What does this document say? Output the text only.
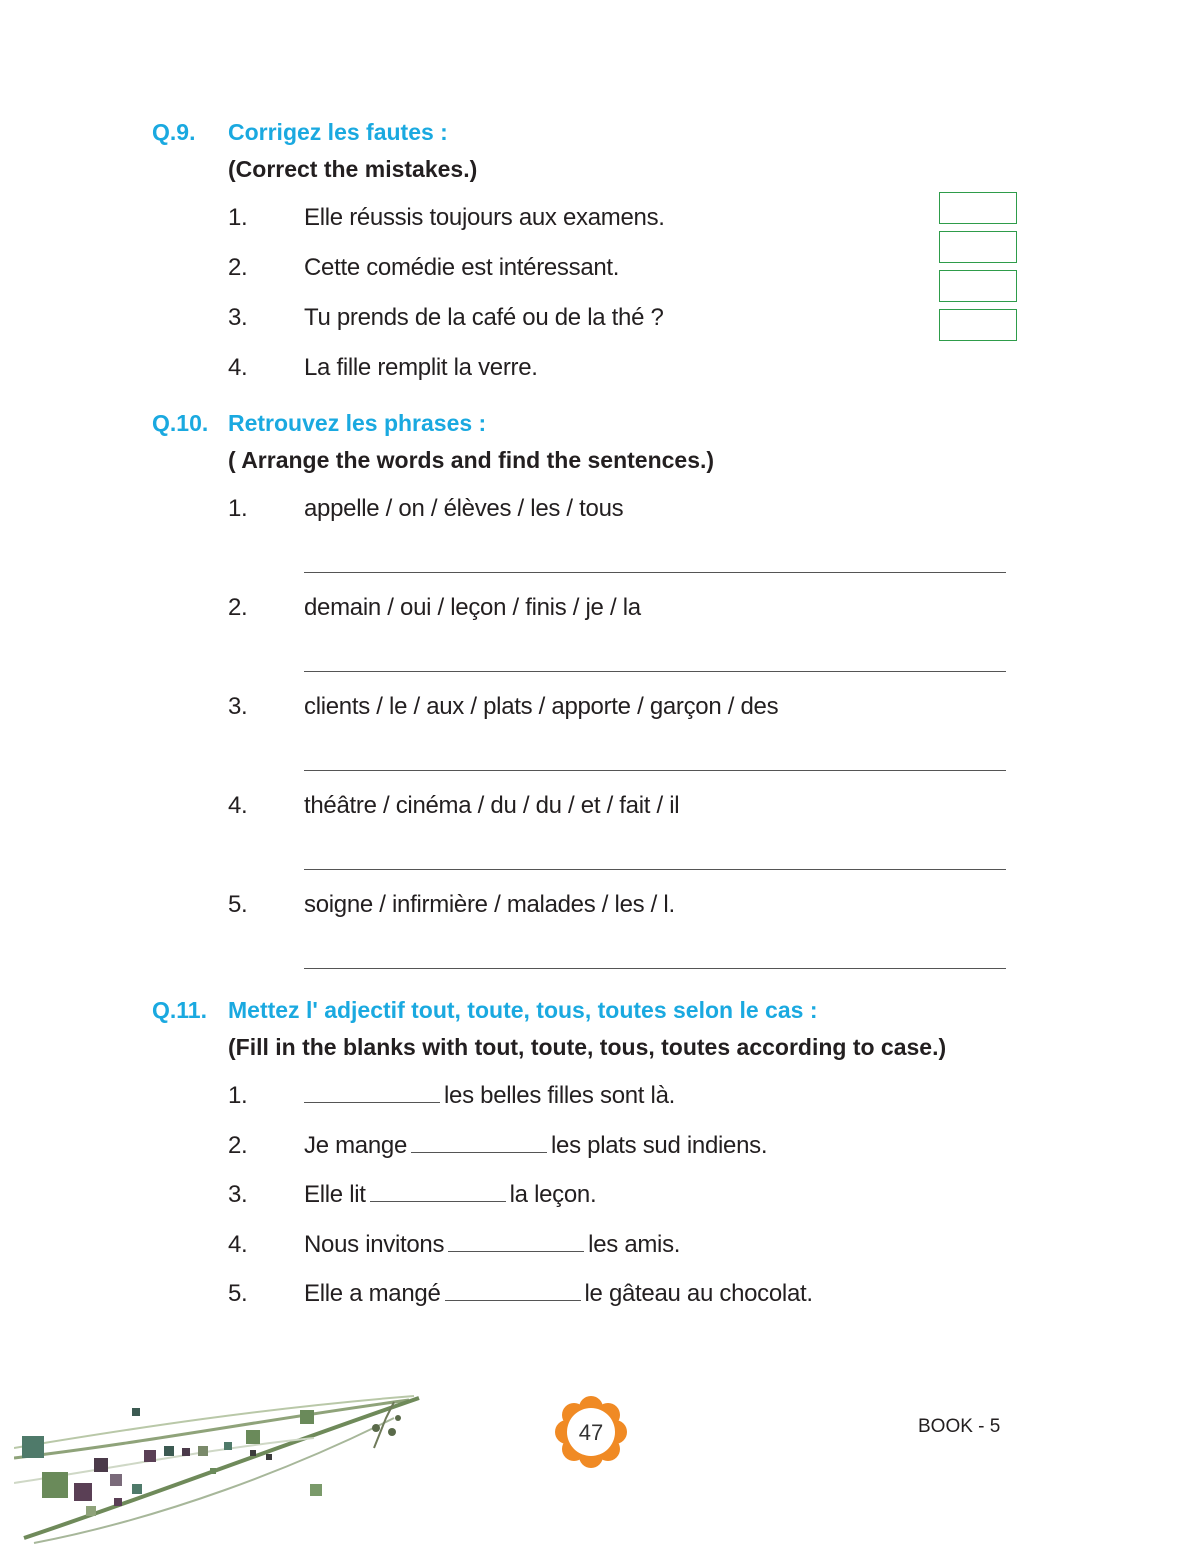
Q.9. Corrigez les fautes :
(Correct the mistakes.)
1. Elle réussis toujours aux examens.
2. Cette comédie est intéressant.
3. Tu prends de la café ou de la thé ?
4. La fille remplit la verre.
Q.10. Retrouvez les phrases :
( Arrange the words and find the sentences.)
1. appelle / on / élèves / les / tous
2. demain / oui / leçon / finis / je / la
3. clients / le / aux / plats / apporte / garçon / des
4. théâtre / cinéma / du / du / et / fait / il
5. soigne / infirmière / malades / les / l.
Q.11. Mettez l' adjectif tout, toute, tous, toutes selon le cas :
(Fill in the blanks with tout, toute, tous, toutes according to case.)
1.	les belles filles sont là.
2. Je mange	les plats sud indiens.
3. Elle lit	la leçon.
4. Nous invitons	les amis.
5. Elle a mangé	le gâteau au chocolat.
47	BOOK - 5
